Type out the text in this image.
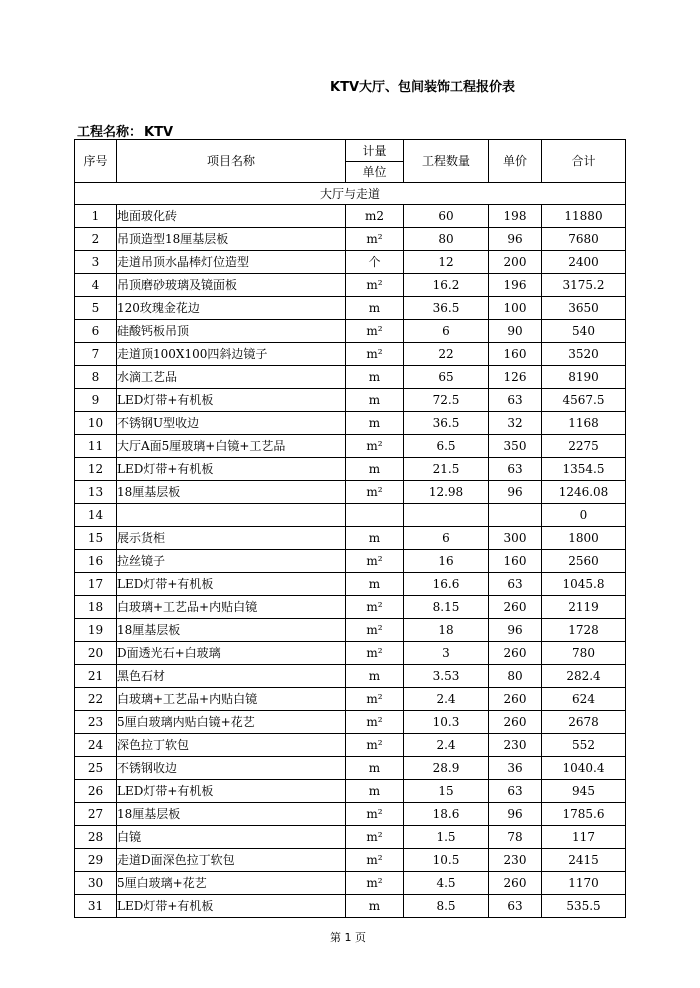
KTV大厅、包间装饰工程报价表
工程名称： KTV
序号	项目名称	计量	工程数量	单价	合计
		单位			
大厅与走道					
1	地面玻化砖	m2	60	198	11880
2	吊顶造型18厘基层板	m²	80	96	7680
3	走道吊顶水晶棒灯位造型	个	12	200	2400
4	吊顶磨砂玻璃及镜面板	m²	16.2	196	3175.2
5	120玫瑰金花边	m	36.5	100	3650
6	硅酸钙板吊顶	m²	6	90	540
7	走道顶100X100四斜边镜子	m²	22	160	3520
8	水滴工艺品	m	65	126	8190
9	LED灯带+有机板	m	72.5	63	4567.5
10	不锈钢U型收边	m	36.5	32	1168
11	大厅A面5厘玻璃+白镜+工艺品	m²	6.5	350	2275
12	LED灯带+有机板	m	21.5	63	1354.5
13	18厘基层板	m²	12.98	96	1246.08
14					0
15	展示货柜	m	6	300	1800
16	拉丝镜子	m²	16	160	2560
17	LED灯带+有机板	m	16.6	63	1045.8
18	白玻璃+工艺品+内贴白镜	m²	8.15	260	2119
19	18厘基层板	m²	18	96	1728
20	D面透光石+白玻璃	m²	3	260	780
21	黑色石材	m	3.53	80	282.4
22	白玻璃+工艺品+内贴白镜	m²	2.4	260	624
23	5厘白玻璃内贴白镜+花艺	m²	10.3	260	2678
24	深色拉丁软包	m²	2.4	230	552
25	不锈钢收边	m	28.9	36	1040.4
26	LED灯带+有机板	m	15	63	945
27	18厘基层板	m²	18.6	96	1785.6
28	白镜	m²	1.5	78	117
29	走道D面深色拉丁软包	m²	10.5	230	2415
30	5厘白玻璃+花艺	m²	4.5	260	1170
31	LED灯带+有机板	m	8.5	63	535.5
第 1 页
